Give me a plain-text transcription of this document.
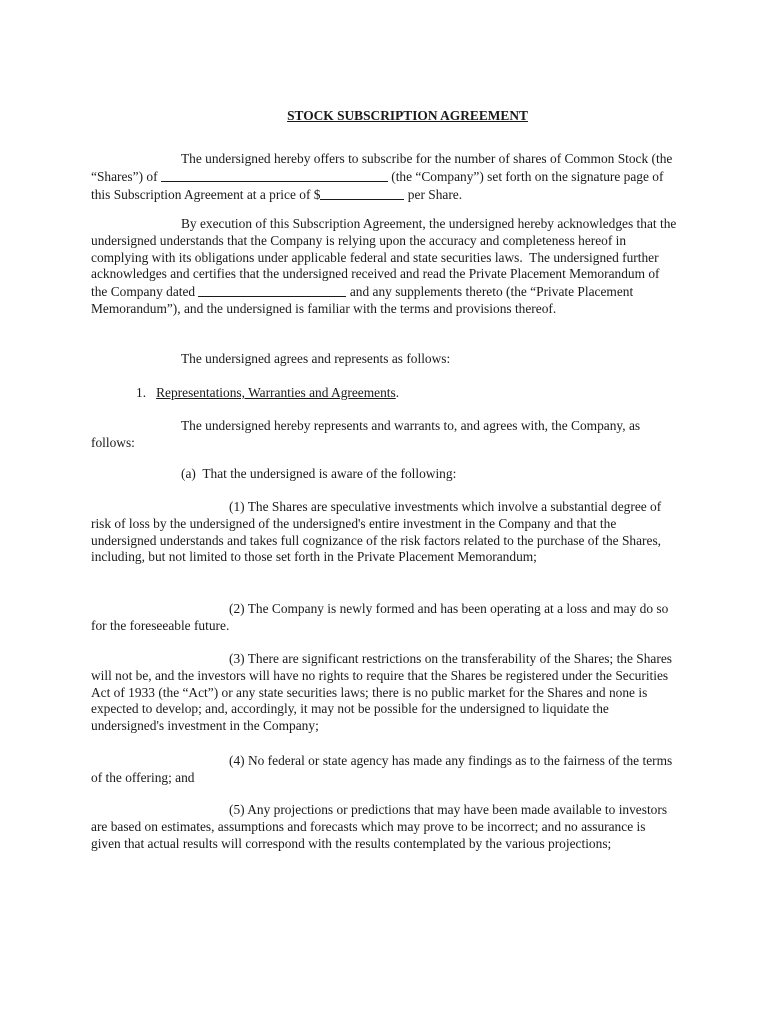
STOCK SUBSCRIPTION AGREEMENT

The undersigned hereby offers to subscribe for the number of shares of Common Stock (the “Shares”) of	(the “Company”) set forth on the signature page of this Subscription Agreement at a price of $	per Share.

By execution of this Subscription Agreement, the undersigned hereby acknowledges that the undersigned understands that the Company is relying upon the accuracy and completeness hereof in complying with its obligations under applicable federal and state securities laws.  The undersigned further acknowledges and certifies that the undersigned received and read the Private Placement Memorandum of the Company dated	and any supplements thereto (the “Private Placement Memorandum”), and the undersigned is familiar with the terms and provisions thereof.

The undersigned agrees and represents as follows:

1. Representations, Warranties and Agreements.

The undersigned hereby represents and warrants to, and agrees with, the Company, as follows:

(a)  That the undersigned is aware of the following:

(1) The Shares are speculative investments which involve a substantial degree of risk of loss by the undersigned of the undersigned's entire investment in the Company and that the undersigned understands and takes full cognizance of the risk factors related to the purchase of the Shares, including, but not limited to those set forth in the Private Placement Memorandum;

(2) The Company is newly formed and has been operating at a loss and may do so for the foreseeable future.

(3) There are significant restrictions on the transferability of the Shares; the Shares will not be, and the investors will have no rights to require that the Shares be registered under the Securities Act of 1933 (the “Act”) or any state securities laws; there is no public market for the Shares and none is expected to develop; and, accordingly, it may not be possible for the undersigned to liquidate the undersigned's investment in the Company;

(4) No federal or state agency has made any findings as to the fairness of the terms of the offering; and

(5) Any projections or predictions that may have been made available to investors are based on estimates, assumptions and forecasts which may prove to be incorrect; and no assurance is given that actual results will correspond with the results contemplated by the various projections;
